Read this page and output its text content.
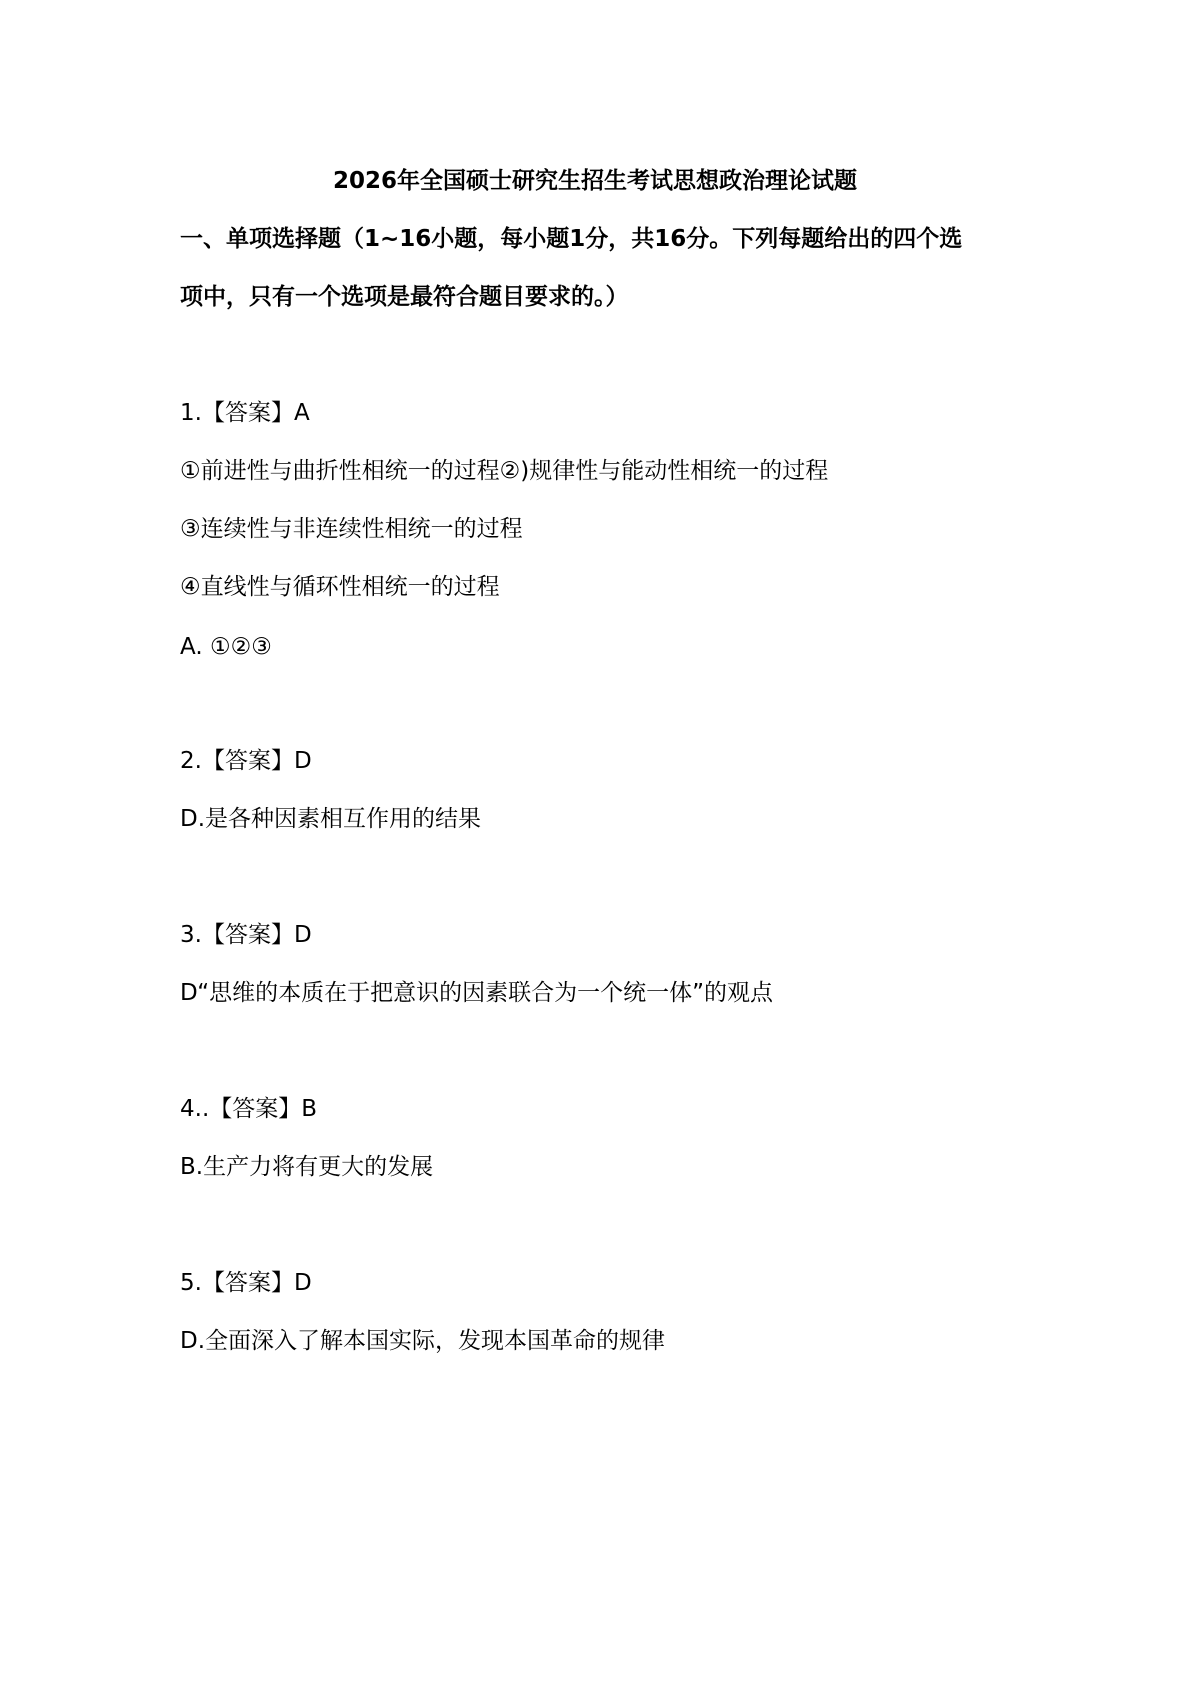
2026年全国硕士研究生招生考试思想政治理论试题
一、单项选择题（1~16小题，每小题1分，共16分。下列每题给出的四个选
项中，只有一个选项是最符合题目要求的。）
1.【答案】A
①前进性与曲折性相统一的过程②)规律性与能动性相统一的过程
③连续性与非连续性相统一的过程
④直线性与循环性相统一的过程
A. ①②③
2.【答案】D
D.是各种因素相互作用的结果
3.【答案】D
D“思维的本质在于把意识的因素联合为一个统一体”的观点
4..【答案】B
B.生产力将有更大的发展
5.【答案】D
D.全面深入了解本国实际，发现本国革命的规律
